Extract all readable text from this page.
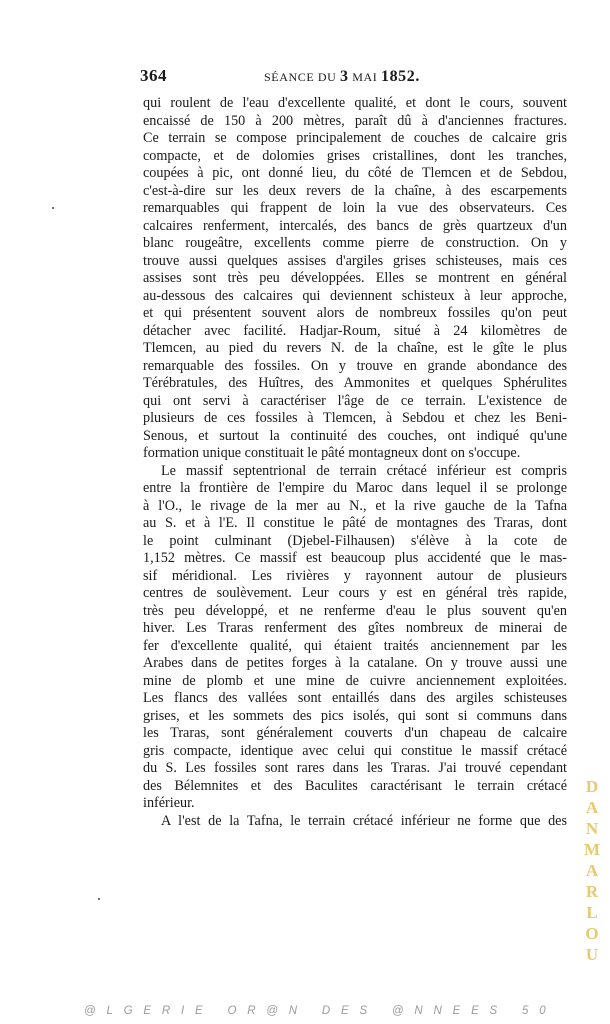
364	SÉANCE DU 3 MAI 1852.
qui roulent de l'eau d'excellente qualité, et dont le cours, souvent
encaissé de 150 à 200 mètres, paraît dû à d'anciennes fractures.
Ce terrain se compose principalement de couches de calcaire gris
compacte, et de dolomies grises cristallines, dont les tranches,
coupées à pic, ont donné lieu, du côté de Tlemcen et de Sebdou,
c'est-à-dire sur les deux revers de la chaîne, à des escarpements
remarquables qui frappent de loin la vue des observateurs. Ces
calcaires renferment, intercalés, des bancs de grès quartzeux d'un
blanc rougeâtre, excellents comme pierre de construction. On y
trouve aussi quelques assises d'argiles grises schisteuses, mais ces
assises sont très peu développées. Elles se montrent en général
au-dessous des calcaires qui deviennent schisteux à leur approche,
et qui présentent souvent alors de nombreux fossiles qu'on peut
détacher avec facilité. Hadjar-Roum, situé à 24 kilomètres de
Tlemcen, au pied du revers N. de la chaîne, est le gîte le plus
remarquable des fossiles. On y trouve en grande abondance des
Térébratules, des Huîtres, des Ammonites et quelques Sphérulites
qui ont servi à caractériser l'âge de ce terrain. L'existence de
plusieurs de ces fossiles à Tlemcen, à Sebdou et chez les Beni-
Senous, et surtout la continuité des couches, ont indiqué qu'une
formation unique constituait le pâté montagneux dont on s'occupe.
Le massif septentrional de terrain crétacé inférieur est compris
entre la frontière de l'empire du Maroc dans lequel il se prolonge
à l'O., le rivage de la mer au N., et la rive gauche de la Tafna
au S. et à l'E. Il constitue le pâté de montagnes des Traras, dont
le point culminant (Djebel-Filhausen) s'élève à la cote de
1,152 mètres. Ce massif est beaucoup plus accidenté que le mas-
sif méridional. Les rivières y rayonnent autour de plusieurs
centres de soulèvement. Leur cours y est en général très rapide,
très peu développé, et ne renferme d'eau le plus souvent qu'en
hiver. Les Traras renferment des gîtes nombreux de minerai de
fer d'excellente qualité, qui étaient traités anciennement par les
Arabes dans de petites forges à la catalane. On y trouve aussi une
mine de plomb et une mine de cuivre anciennement exploitées.
Les flancs des vallées sont entaillés dans des argiles schisteuses
grises, et les sommets des pics isolés, qui sont si communs dans
les Traras, sont généralement couverts d'un chapeau de calcaire
gris compacte, identique avec celui qui constitue le massif crétacé
du S. Les fossiles sont rares dans les Traras. J'ai trouvé cependant
des Bélemnites et des Baculites caractérisant le terrain crétacé
inférieur.
A l'est de la Tafna, le terrain crétacé inférieur ne forme que des
DANMARLOU
@LGERIE OR@N DES @NNEES 50
